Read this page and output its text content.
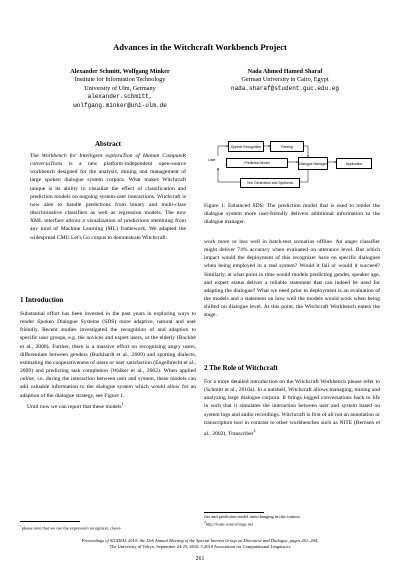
Advances in the Witchcraft Workbench Project
Alexander Schmitt, Wolfgang Minker
Institute for Information Technology
University of Ulm, Germany
alexander.schmitt,
wolfgang.minker@uni-ulm.de
Nada Ahmed Hamed Sharaf
German University in Cairo, Egypt
nada.sharaf@student.guc.edu.eg
Abstract
The Workbench for Intelligent exploraTion of Human ComputeR conversaTions is a new platform-independent open-source workbench designed for the analysis, mining and management of large spoken dialogue system corpora. What makes Witchcraft unique is its ability to visualize the effect of classification and prediction models on ongoing system-user interactions. Witchcraft is now able to handle predictions from binary and multi-class discriminative classifiers as well as regression models. The new XML interface allows a visualization of predictions stemming from any kind of Machine Learning (ML) framework. We adapted the widespread CMU Let's Go corpus to demonstrate Witchcraft.
1 Introduction

Substantial effort has been invested in the past years in exploring ways to render Spoken Dialogue Systems (SDS) more adaptive, natural and user friendly. Recent studies investigated the recognition of and adaption to specific user groups, e.g. the novices and expert users, or the elderly (Bocklet et al., 2008). Further, there is a massive effort on recognizing angry users, differentiate between genders (Burkhardt et al., 2009) and spotting dialects, estimating the cooperativeness of users or user satisfaction (Engelbrecht et al., 2009) and predicting task completion (Walker et al., 2002). When applied online, i.e. during the interaction between user and system, these models can add valuable information to the dialogue system which would allow for an adaption of the dialogue strategy, see Figure 1.

Until now we can report that these models$^1$

$^1$please note that we use the expression recognizer, classi-
User
Speech Recognition	Parsing
Prediction Model	Dialogue Manager	Application
Text Generation and Synthesis
Figure 1: Enhanced SDS: The prediction model that is used to render the dialogue system more user-friendly delivers additional information to the dialogue manager.
work more or less well in batch-test scenarios offline. An anger classifier might deliver 74% accuracy when evaluated on utterance level. But which impact would the deployment of this recognizer have on specific dialogues when being employed in a real system? Would it fail or would it succeed? Similarly, at what point in time would models predicting gender, speaker age, and expert status deliver a reliable statement that can indeed be used for adapting the dialogue? What we need prior to deployment is an evaluation of the models and a statement on how well the models would work when being shifted on dialogue level. At this point, the Witchcraft Workbench enters the stage.
2 The Role of Witchcraft
For a more detailed introduction on the Witchcraft Workbench please refer to (Schmitt et al., 2010a). In a nutshell, Witchcraft allows managing, mining and analyzing large dialogue corpora. It brings logged conversations back to life in such that it simulates the interaction between user and system based on system logs and audio recordings. Witchcraft is first of all not an annotation or transcription tool in contrast to other workbenches such as NITE (Bernsen et al., 2002), Transcriber$^2$
fier and prediction model interchanging in this context
$^2$http://trans.sourceforge.net
Proceedings of SIGDIAL 2010: the 11th Annual Meeting of the Special Interest Group on Discourse and Dialogue, pages 261–264,
The University of Tokyo, September 24-25, 2010. ©2010 Association for Computational Linguistics
261
